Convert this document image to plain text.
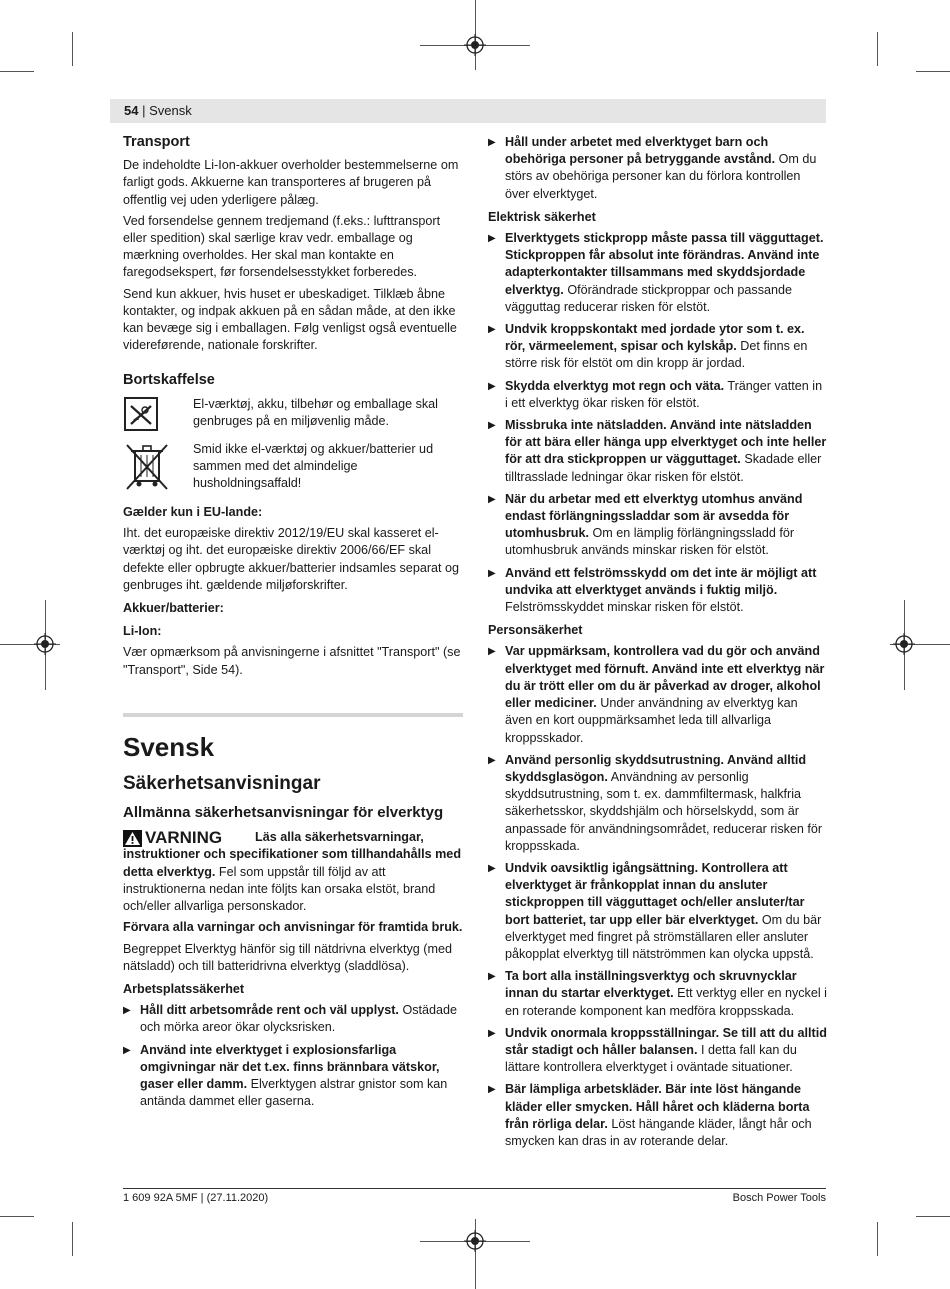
54 | Svensk
Transport

De indeholdte Li-Ion-akkuer overholder bestemmelserne om farligt gods. Akkuerne kan transporteres af brugeren på offentlig vej uden yderligere pålæg.

Ved forsendelse gennem tredjemand (f.eks.: lufttransport eller spedition) skal særlige krav vedr. emballage og mærkning overholdes. Her skal man kontakte en faregodsekspert, før forsendelsesstykket forberedes.

Send kun akkuer, hvis huset er ubeskadiget. Tilklæb åbne kontakter, og indpak akkuen på en sådan måde, at den ikke kan bevæge sig i emballagen. Følg venligst også eventuelle videreførende, nationale forskrifter.

Bortskaffelse
El-værktøj, akku, tilbehør og emballage skal genbruges på en miljøvenlig måde.
Smid ikke el-værktøj og akkuer/batterier ud sammen med det almindelige husholdningsaffald!
Gælder kun i EU-lande:

Iht. det europæiske direktiv 2012/19/EU skal kasseret el-værktøj og iht. det europæiske direktiv 2006/66/EF skal defekte eller opbrugte akkuer/batterier indsamles separat og genbruges iht. gældende miljøforskrifter.

Akkuer/batterier:
Li-Ion:

Vær opmærksom på anvisningerne i afsnittet "Transport" (se "Transport", Side 54).

Svensk
Säkerhetsanvisningar
Allmänna säkerhetsanvisningar för elverktyg
VARNING	Läs alla säkerhetsvarningar, instruktioner och specifikationer som tillhandahålls med detta elverktyg. Fel som uppstår till följd av att instruktionerna nedan inte följts kan orsaka elstöt, brand och/eller allvarliga personskador.

Förvara alla varningar och anvisningar för framtida bruk.

Begreppet Elverktyg hänför sig till nätdrivna elverktyg (med nätsladd) och till batteridrivna elverktyg (sladdlösa).

Arbetsplatssäkerhet
▶ Håll ditt arbetsområde rent och väl upplyst. Ostädade och mörka areor ökar olycksrisken.
▶ Använd inte elverktyget i explosionsfarliga omgivningar när det t.ex. finns brännbara vätskor, gaser eller damm. Elverktygen alstrar gnistor som kan antända dammet eller gaserna.
▶ Håll under arbetet med elverktyget barn och obehöriga personer på betryggande avstånd. Om du störs av obehöriga personer kan du förlora kontrollen över elverktyget.
Elektrisk säkerhet
▶ Elverktygets stickpropp måste passa till vägguttaget. Stickproppen får absolut inte förändras. Använd inte adapterkontakter tillsammans med skyddsjordade elverktyg. Oförändrade stickproppar och passande vägguttag reducerar risken för elstöt.
▶ Undvik kroppskontakt med jordade ytor som t. ex. rör, värmeelement, spisar och kylskåp. Det finns en större risk för elstöt om din kropp är jordad.
▶ Skydda elverktyg mot regn och väta. Tränger vatten in i ett elverktyg ökar risken för elstöt.
▶ Missbruka inte nätsladden. Använd inte nätsladden för att bära eller hänga upp elverktyget och inte heller för att dra stickproppen ur vägguttaget. Skadade eller tilltrasslade ledningar ökar risken för elstöt.
▶ När du arbetar med ett elverktyg utomhus använd endast förlängningssladdar som är avsedda för utomhusbruk. Om en lämplig förlängningssladd för utomhusbruk används minskar risken för elstöt.
▶ Använd ett felströmsskydd om det inte är möjligt att undvika att elverktyget används i fuktig miljö. Felströmsskyddet minskar risken för elstöt.
Personsäkerhet
▶ Var uppmärksam, kontrollera vad du gör och använd elverktyget med förnuft. Använd inte ett elverktyg när du är trött eller om du är påverkad av droger, alkohol eller mediciner. Under användning av elverktyg kan även en kort ouppmärksamhet leda till allvarliga kroppsskador.
▶ Använd personlig skyddsutrustning. Använd alltid skyddsglasögon. Användning av personlig skyddsutrustning, som t. ex. dammfiltermask, halkfria säkerhetsskor, skyddshjälm och hörselskydd, som är anpassade för användningsområdet, reducerar risken för kroppsskada.
▶ Undvik oavsiktlig igångsättning. Kontrollera att elverktyget är frånkopplat innan du ansluter stickproppen till vägguttaget och/eller ansluter/tar bort batteriet, tar upp eller bär elverktyget. Om du bär elverktyget med fingret på strömställaren eller ansluter påkopplat elverktyg till nätströmmen kan olycka uppstå.
▶ Ta bort alla inställningsverktyg och skruvnycklar innan du startar elverktyget. Ett verktyg eller en nyckel i en roterande komponent kan medföra kroppsskada.
▶ Undvik onormala kroppsställningar. Se till att du alltid står stadigt och håller balansen. I detta fall kan du lättare kontrollera elverktyget i oväntade situationer.
▶ Bär lämpliga arbetskläder. Bär inte löst hängande kläder eller smycken. Håll håret och kläderna borta från rörliga delar. Löst hängande kläder, långt hår och smycken kan dras in av roterande delar.
1 609 92A 5MF | (27.11.2020)	Bosch Power Tools
